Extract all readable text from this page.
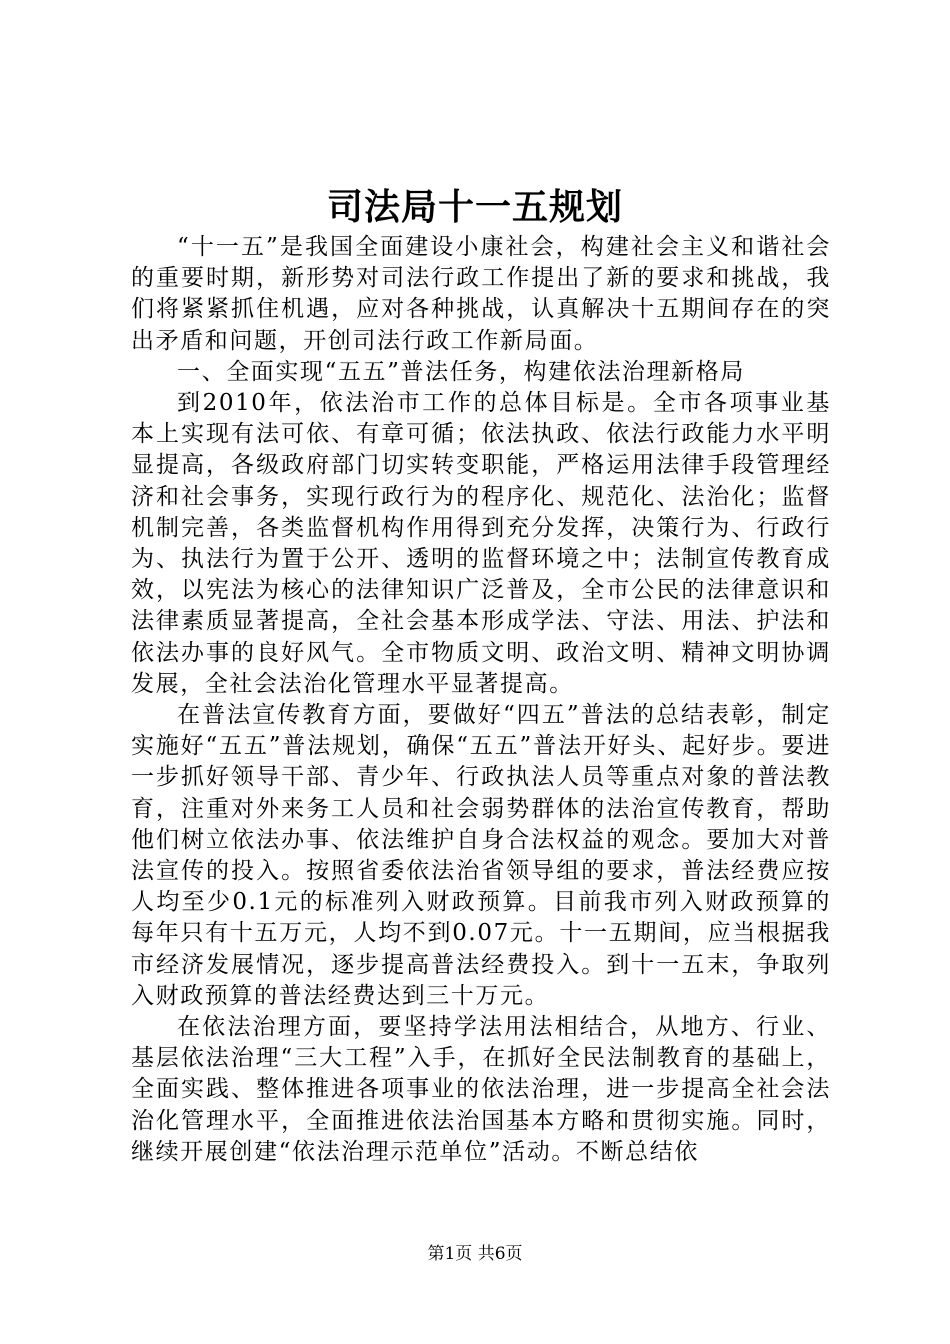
司法局十一五规划

“十一五”是我国全面建设小康社会，构建社会主义和谐社会的重要时期，新形势对司法行政工作提出了新的要求和挑战，我们将紧紧抓住机遇，应对各种挑战，认真解决十五期间存在的突出矛盾和问题，开创司法行政工作新局面。

一、全面实现“五五”普法任务，构建依法治理新格局

到2010年，依法治市工作的总体目标是。全市各项事业基本上实现有法可依、有章可循；依法执政、依法行政能力水平明显提高，各级政府部门切实转变职能，严格运用法律手段管理经济和社会事务，实现行政行为的程序化、规范化、法治化；监督机制完善，各类监督机构作用得到充分发挥，决策行为、行政行为、执法行为置于公开、透明的监督环境之中；法制宣传教育成效，以宪法为核心的法律知识广泛普及，全市公民的法律意识和法律素质显著提高，全社会基本形成学法、守法、用法、护法和依法办事的良好风气。全市物质文明、政治文明、精神文明协调发展，全社会法治化管理水平显著提高。

在普法宣传教育方面，要做好“四五”普法的总结表彰，制定实施好“五五”普法规划，确保“五五”普法开好头、起好步。要进一步抓好领导干部、青少年、行政执法人员等重点对象的普法教育，注重对外来务工人员和社会弱势群体的法治宣传教育，帮助他们树立依法办事、依法维护自身合法权益的观念。要加大对普法宣传的投入。按照省委依法治省领导组的要求，普法经费应按人均至少0.1元的标准列入财政预算。目前我市列入财政预算的每年只有十五万元，人均不到0.07元。十一五期间，应当根据我市经济发展情况，逐步提高普法经费投入。到十一五末，争取列入财政预算的普法经费达到三十万元。

在依法治理方面，要坚持学法用法相结合，从地方、行业、基层依法治理“三大工程”入手，在抓好全民法制教育的基础上，全面实践、整体推进各项事业的依法治理，进一步提高全社会法治化管理水平，全面推进依法治国基本方略和贯彻实施。同时，继续开展创建“依法治理示范单位”活动。不断总结依

第1页 共6页
